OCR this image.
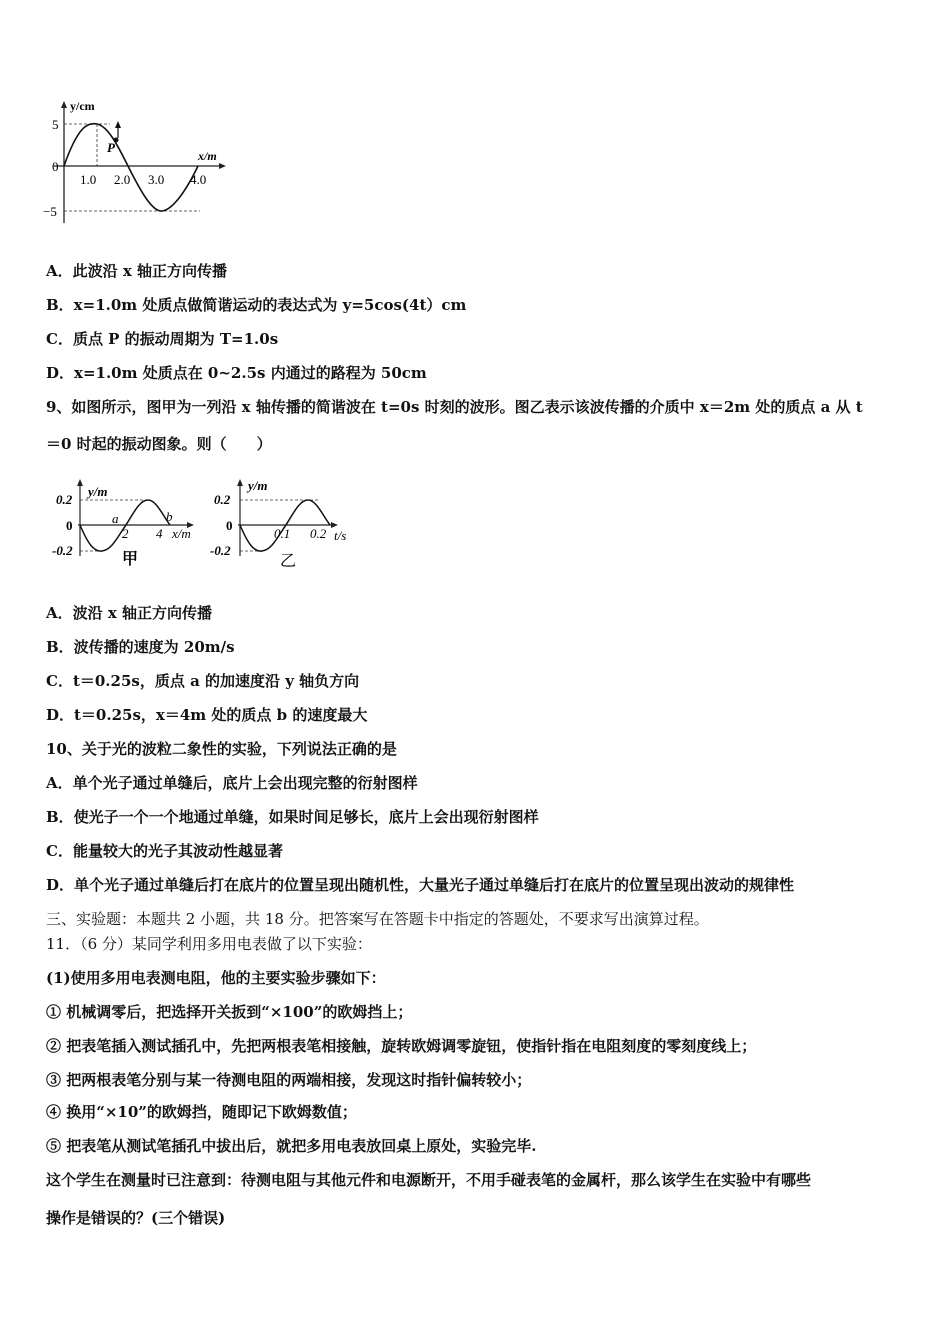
P
y/cm
x/m
5
0
−5
1.0 2.0 3.0 4.0
A．此波沿 x 轴正方向传播
B．x=1.0m 处质点做简谐运动的表达式为 y=5cos(4t）cm
C．质点 P 的振动周期为 T=1.0s
D．x=1.0m 处质点在 0~2.5s 内通过的路程为 50cm
9、如图所示，图甲为一列沿 x 轴传播的简谐波在 t=0s 时刻的波形。图乙表示该波传播的介质中 x＝2m 处的质点 a 从 t
＝0 时起的振动图象。则（　　）
y/m
0.2
0
-0.2
a	b
2 4 x/m
甲
y/m
0.2
0
-0.2
0.1 0.2 t/s
乙
A．波沿 x 轴正方向传播
B．波传播的速度为 20m/s
C．t＝0.25s，质点 a 的加速度沿 y 轴负方向
D．t＝0.25s，x＝4m 处的质点 b 的速度最大
10、关于光的波粒二象性的实验，下列说法正确的是
A．单个光子通过单缝后，底片上会出现完整的衍射图样
B．使光子一个一个地通过单缝，如果时间足够长，底片上会出现衍射图样
C．能量较大的光子其波动性越显著
D．单个光子通过单缝后打在底片的位置呈现出随机性，大量光子通过单缝后打在底片的位置呈现出波动的规律性
三、实验题：本题共 2 小题，共 18 分。把答案写在答题卡中指定的答题处，不要求写出演算过程。
11．（6 分）某同学利用多用电表做了以下实验：
(1)使用多用电表测电阻，他的主要实验步骤如下：
① 机械调零后，把选择开关扳到“×100”的欧姆挡上；
② 把表笔插入测试插孔中，先把两根表笔相接触，旋转欧姆调零旋钮，使指针指在电阻刻度的零刻度线上；
③ 把两根表笔分别与某一待测电阻的两端相接，发现这时指针偏转较小；
④ 换用“×10”的欧姆挡，随即记下欧姆数值；
⑤ 把表笔从测试笔插孔中拔出后，就把多用电表放回桌上原处，实验完毕.
这个学生在测量时已注意到：待测电阻与其他元件和电源断开，不用手碰表笔的金属杆，那么该学生在实验中有哪些
操作是错误的？(三个错误)
